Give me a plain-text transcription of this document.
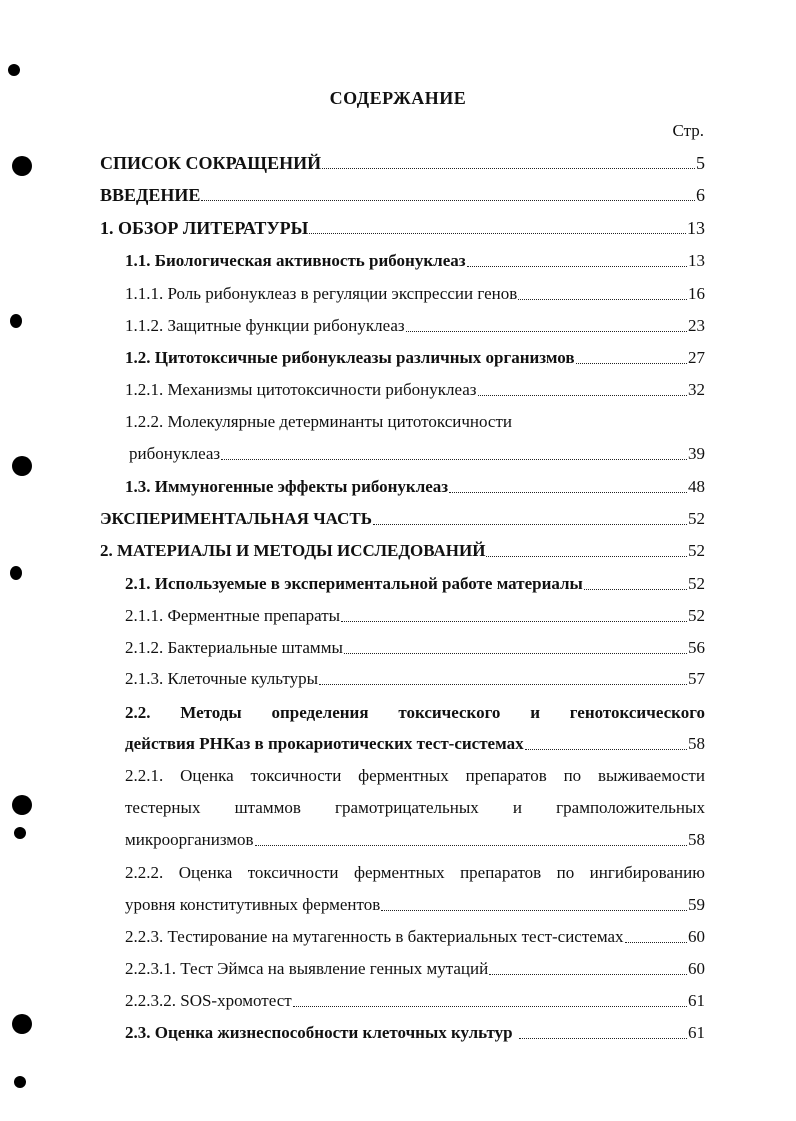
СОДЕРЖАНИЕ
Стр.
СПИСОК СОКРАЩЕНИЙ	5
ВВЕДЕНИЕ	6
1. ОБЗОР ЛИТЕРАТУРЫ	13
1.1. Биологическая активность рибонуклеаз	13
1.1.1. Роль рибонуклеаз в регуляции экспрессии генов	16
1.1.2. Защитные функции рибонуклеаз	23
1.2. Цитотоксичные рибонуклеазы различных организмов	27
1.2.1. Механизмы цитотоксичности рибонуклеаз	32
1.2.2. Молекулярные детерминанты цитотоксичности
рибонуклеаз	39
1.3. Иммуногенные эффекты рибонуклеаз	48
ЭКСПЕРИМЕНТАЛЬНАЯ ЧАСТЬ	52
2. МАТЕРИАЛЫ И МЕТОДЫ ИССЛЕДОВАНИЙ	52
2.1. Используемые в экспериментальной работе материалы	52
2.1.1. Ферментные препараты	52
2.1.2. Бактериальные штаммы	56
2.1.3. Клеточные культуры	57
2.2. Методы определения токсического и генотоксического
действия РНКаз в прокариотических тест-системах	58
2.2.1. Оценка токсичности ферментных препаратов по выживаемости
тестерных штаммов грамотрицательных и грамположительных
микроорганизмов	58
2.2.2. Оценка токсичности ферментных препаратов по ингибированию
уровня конститутивных ферментов	59
2.2.3. Тестирование на мутагенность в бактериальных тест-системах	60
2.2.3.1. Тест Эймса на выявление генных мутаций	60
2.2.3.2. SOS-хромотест	61
2.3. Оценка жизнеспособности клеточных культур	61
